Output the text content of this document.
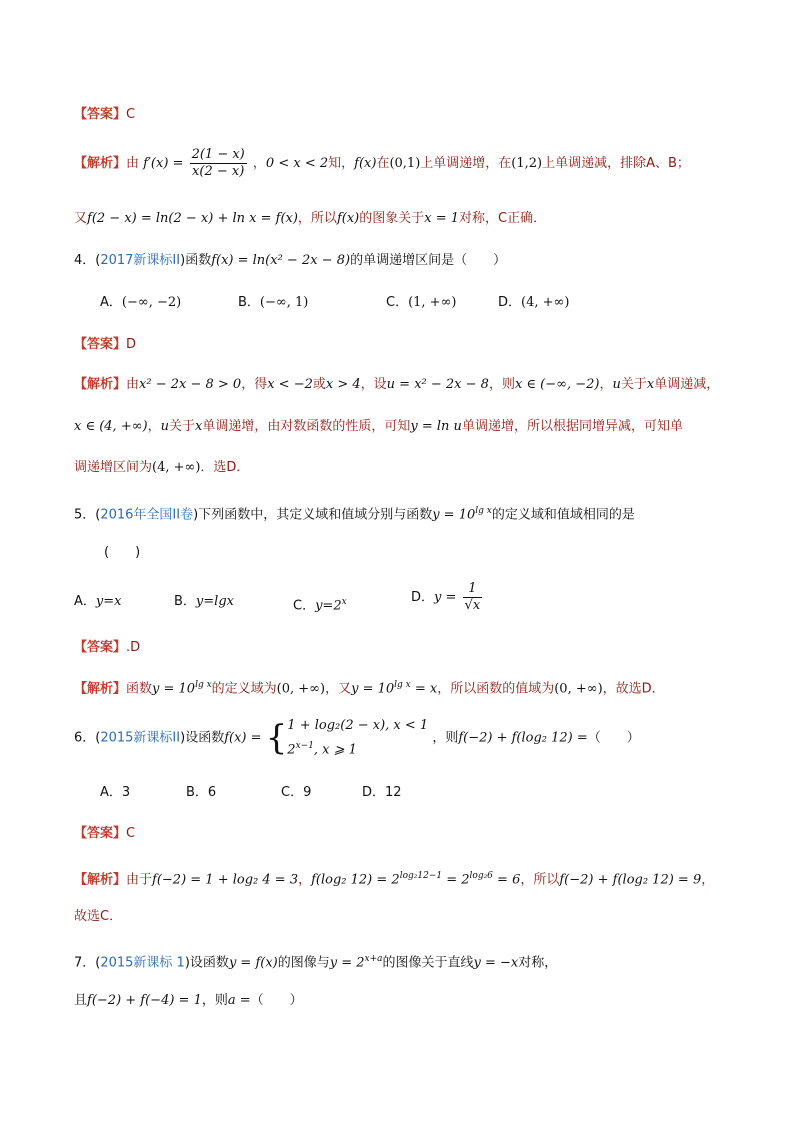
【答案】C
【解析】由 $f'(x) = \frac{2(1 - x)}{x(2 - x)}$ ，0 < x < 2知，f(x)在(0,1)上单调递增，在(1,2)上单调递减，排除A、B；
又f(2 − x) = ln(2 − x) + ln x = f(x)，所以f(x)的图象关于x = 1对称，C正确．
4．(2017新课标II)函数f(x) = ln(x² − 2x − 8)的单调递增区间是（　　）
A．(−∞, −2)	B．(−∞, 1)	C．(1, +∞)	D．(4, +∞)
【答案】D
【解析】由x² − 2x − 8 > 0，得x < −2或x > 4，设u = x² − 2x − 8，则x ∈ (−∞, −2)，u关于x单调递减，
x ∈ (4, +∞)，u关于x单调递增，由对数函数的性质，可知y = ln u单调递增，所以根据同增异减，可知单
调递增区间为(4, +∞)．选D．
5．(2016年全国II卷)下列函数中，其定义域和值域分别与函数$y = 10^{lg x}$的定义域和值域相同的是
(　　)
A．y=x	B．y=lgx	C．$y=2^x$	D．$y = \frac{1}{√x}$
【答案】.D
【解析】函数$y = 10^{lg x}$的定义域为(0, +∞)，又$y = 10^{lg x} = x$，所以函数的值域为(0, +∞)，故选D．
6．(2015新课标II)设函数f(x) = {1 + log₂(2 − x), x < 1
$2^{x-1}$, x ⩾ 1 ，则f(−2) + f(log₂ 12) =（　　）
A．3	B．6	C．9	D．12
【答案】C
【解析】由于f(−2) = 1 + log₂ 4 = 3，f(log₂ $12) = 2^{log_212-1} = 2^{log_26} = 6$，所以f(−2) + f(log₂ 12) = 9，
故选C．
7．(2015新课标 1)设函数y = f(x)的图像与$y = 2^{x+a}$的图像关于直线y = −x对称，
且f(−2) + f(−4) = 1，则a =（　　）
